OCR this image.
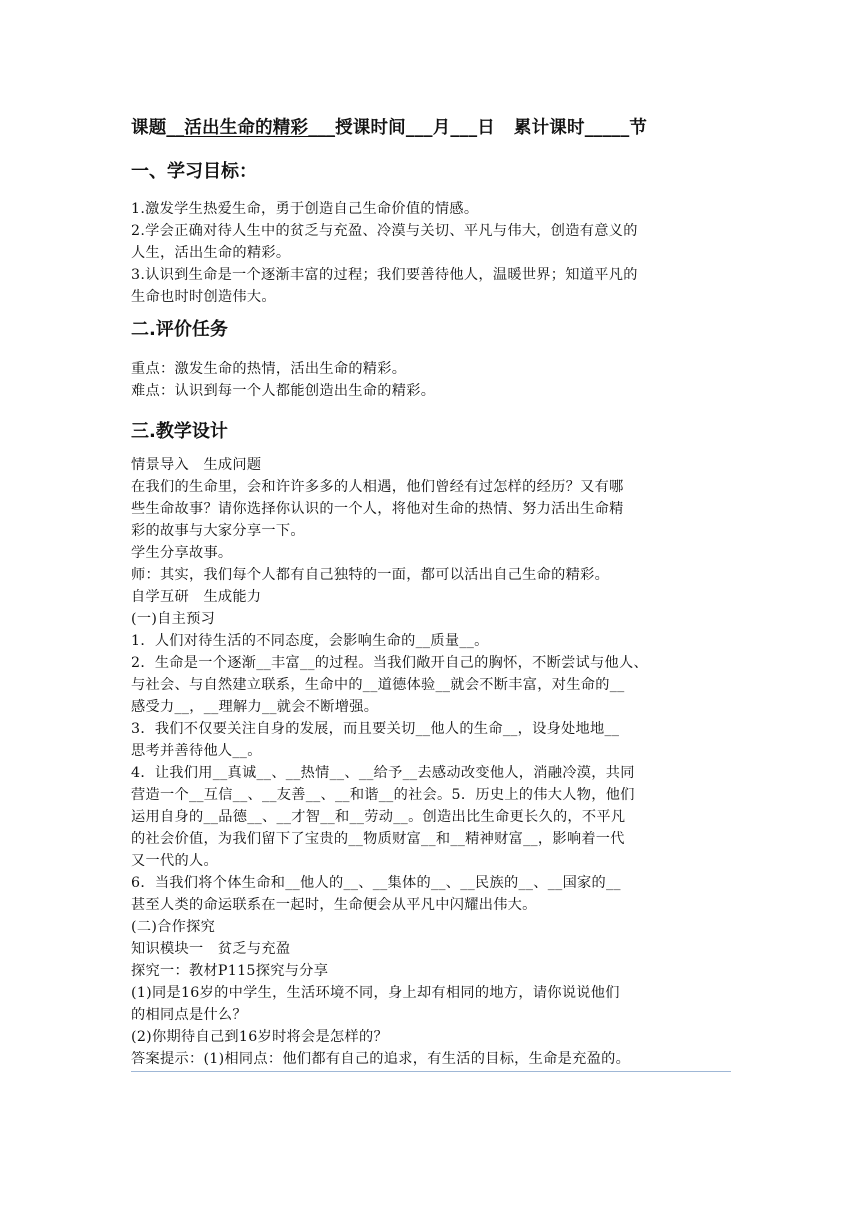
课题__活出生命的精彩___授课时间___月___日 累计课时_____节
一、学习目标：

1.激发学生热爱生命，勇于创造自己生命价值的情感。

2.学会正确对待人生中的贫乏与充盈、冷漠与关切、平凡与伟大，创造有意义的

人生，活出生命的精彩。

3.认识到生命是一个逐渐丰富的过程；我们要善待他人，温暖世界；知道平凡的

生命也时时创造伟大。

二.评价任务

重点：激发生命的热情，活出生命的精彩。

难点：认识到每一个人都能创造出生命的精彩。

三.教学设计

情景导入　生成问题

在我们的生命里，会和许许多多的人相遇，他们曾经有过怎样的经历？又有哪

些生命故事？请你选择你认识的一个人，将他对生命的热情、努力活出生命精

彩的故事与大家分享一下。

学生分享故事。

师：其实，我们每个人都有自己独特的一面，都可以活出自己生命的精彩。

自学互研　生成能力

(一)自主预习

1．人们对待生活的不同态度，会影响生命的__质量__。

2．生命是一个逐渐__丰富__的过程。当我们敞开自己的胸怀，不断尝试与他人、

与社会、与自然建立联系，生命中的__道德体验__就会不断丰富，对生命的__

感受力__，__理解力__就会不断增强。

3．我们不仅要关注自身的发展，而且要关切__他人的生命__，设身处地地__

思考并善待他人__。

4．让我们用__真诚__、__热情__、__给予__去感动改变他人，消融冷漠，共同

营造一个__互信__、__友善__、__和谐__的社会。5．历史上的伟大人物，他们

运用自身的__品德__、__才智__和__劳动__。创造出比生命更长久的，不平凡

的社会价值，为我们留下了宝贵的__物质财富__和__精神财富__，影响着一代

又一代的人。

6．当我们将个体生命和__他人的__、__集体的__、__民族的__、__国家的__

甚至人类的命运联系在一起时，生命便会从平凡中闪耀出伟大。

(二)合作探究

知识模块一　贫乏与充盈

探究一：教材P115探究与分享

(1)同是16岁的中学生，生活环境不同，身上却有相同的地方，请你说说他们

的相同点是什么？

(2)你期待自己到16岁时将会是怎样的？

答案提示：(1)相同点：他们都有自己的追求，有生活的目标，生命是充盈的。
